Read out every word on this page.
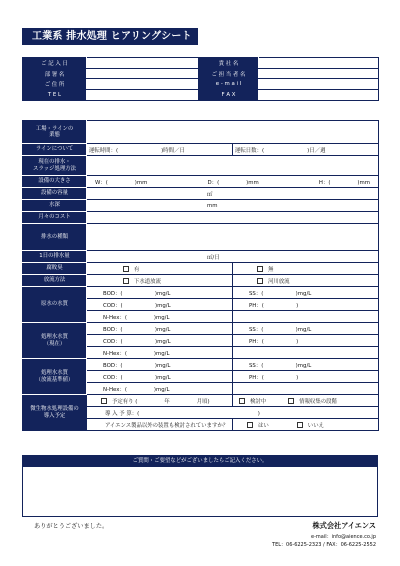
工業系 排水処理 ヒアリングシート
ご 記 入 日		貴 社 名	
部 署 名		ご 担 当 者 名	
ご 住 所		e - m a i l	
T E L		F A X	
工場・ラインの
業態		
ラインについて	運転時間：(　　　　　　　　)時間／日	運転日数：(　　　　　　　　)日／週
現在の排水・
スラッジ処理方法		
設備の大きさ	W：(　　　　　)mm D：(　　　　　)mm H：(　　　　　)mm	

設備の容量	㎥	
水深	mm	
月々のコスト		
排水の種類		
1日の排水量	㎥/日	
腐敗臭	有	無
放流方法	下水道放流	河川放流
原水の水質	BOD：(　　　　　　)mg/L	SS：(　　　　　　)mg/L
	COD：(　　　　　　)mg/L	PH：(　　　　　　)
	N-Hex：(　　　　　)mg/L	
処理水水質
（現在）	BOD：(　　　　　　)mg/L	SS：(　　　　　　)mg/L
	COD：(　　　　　　)mg/L	PH：(　　　　　　)
	N-Hex：(　　　　　)mg/L	
処理水水質
（放流基準値）	BOD：(　　　　　　)mg/L	SS：(　　　　　　)mg/L
	COD：(　　　　　　)mg/L	PH：(　　　　　　)
	N-Hex：(　　　　　)mg/L	
微生物水処理設備の
導入予定	予定有り (　　　　　年　　　　　月頃)	検討中 情報収集の段階
	導 入 予 算：(　　　　　　　　　　　　　　　　　　　　　　)	
	アイエンス製品以外の装置も検討されていますか？	はい いいえ
ご質問・ご要望などがございましたらご記入ください。
ありがとうございました。	株式会社アイエンス
e-mail：info@aience.co.jp
TEL：06-6225-2323 / FAX：06-6225-2552
